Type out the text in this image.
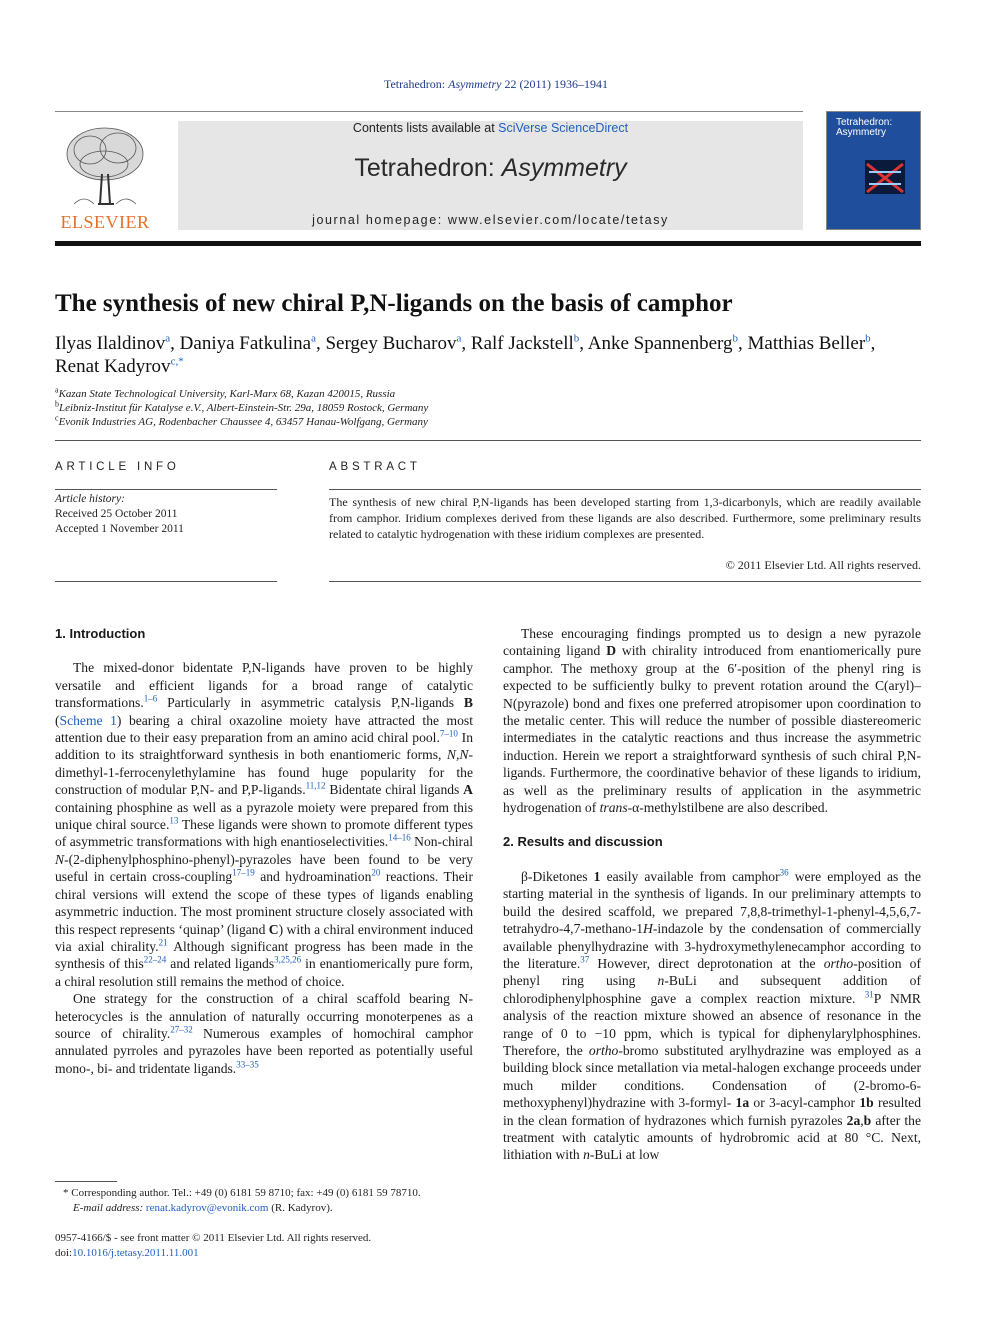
Tetrahedron: Asymmetry 22 (2011) 1936–1941
ELSEVIER
Contents lists available at SciVerse ScienceDirect
Tetrahedron: Asymmetry
journal homepage: www.elsevier.com/locate/tetasy
Tetrahedron: Asymmetry
The synthesis of new chiral P,N-ligands on the basis of camphor
Ilyas Ilaldinov$^a$, Daniya Fatkulina$^a$, Sergey Bucharov$^a$, Ralf Jackstell$^b$, Anke Spannenberg$^b$, Matthias Beller$^b$,
Renat Kadyrov$^{c,*}$
$^a$Kazan State Technological University, Karl-Marx 68, Kazan 420015, Russia
$^b$Leibniz-Institut für Katalyse e.V., Albert-Einstein-Str. 29a, 18059 Rostock, Germany
$^c$Evonik Industries AG, Rodenbacher Chaussee 4, 63457 Hanau-Wolfgang, Germany
ARTICLE INFO	ABSTRACT
Article history:
Received 25 October 2011
Accepted 1 November 2011
The synthesis of new chiral P,N-ligands has been developed starting from 1,3-dicarbonyls, which are readily available from camphor. Iridium complexes derived from these ligands are also described. Furthermore, some preliminary results related to catalytic hydrogenation with these iridium complexes are presented.
© 2011 Elsevier Ltd. All rights reserved.

1. Introduction

The mixed-donor bidentate P,N-ligands have proven to be highly versatile and efficient ligands for a broad range of catalytic transformations.$^{1-6}$ Particularly in asymmetric catalysis P,N-ligands B (Scheme 1) bearing a chiral oxazoline moiety have attracted the most attention due to their easy preparation from an amino acid chiral pool.$^{7-10}$ In addition to its straightforward synthesis in both enantiomeric forms, N,N-dimethyl-1-ferrocenylethylamine has found huge popularity for the construction of modular P,N- and P,P-ligands.$^{11,12}$ Bidentate chiral ligands A containing phosphine as well as a pyrazole moiety were prepared from this unique chiral source.$^{13}$ These ligands were shown to promote different types of asymmetric transformations with high enantioselectivities.$^{14-16}$ Non-chiral N-(2-diphenylphosphino-phenyl)-pyrazoles have been found to be very useful in certain cross-coupling$^{17-19}$ and hydroamination$^{20}$ reactions. Their chiral versions will extend the scope of these types of ligands enabling asymmetric induction. The most prominent structure closely associated with this respect represents ‘quinap’ (ligand C) with a chiral environment induced via axial chirality.$^{21}$ Although significant progress has been made in the synthesis of this$^{22-24}$ and related ligands$^{3,25,26}$ in enantiomerically pure form, a chiral resolution still remains the method of choice.

One strategy for the construction of a chiral scaffold bearing N-heterocycles is the annulation of naturally occurring monoterpenes as a source of chirality.$^{27-32}$ Numerous examples of homochiral camphor annulated pyrroles and pyrazoles have been reported as potentially useful mono-, bi- and tridentate ligands.$^{33-35}$

These encouraging findings prompted us to design a new pyrazole containing ligand D with chirality introduced from enantiomerically pure camphor. The methoxy group at the 6′-position of the phenyl ring is expected to be sufficiently bulky to prevent rotation around the C(aryl)–N(pyrazole) bond and fixes one preferred atropisomer upon coordination to the metalic center. This will reduce the number of possible diastereomeric intermediates in the catalytic reactions and thus increase the asymmetric induction. Herein we report a straightforward synthesis of such chiral P,N-ligands. Furthermore, the coordinative behavior of these ligands to iridium, as well as the preliminary results of application in the asymmetric hydrogenation of trans-α-methylstilbene are also described.

2. Results and discussion

β-Diketones 1 easily available from camphor$^{36}$ were employed as the starting material in the synthesis of ligands. In our preliminary attempts to build the desired scaffold, we prepared 7,8,8-trimethyl-1-phenyl-4,5,6,7-tetrahydro-4,7-methano-1H-indazole by the condensation of commercially available phenylhydrazine with 3-hydroxymethylenecamphor according to the literature.$^{37}$ However, direct deprotonation at the ortho-position of phenyl ring using n-BuLi and subsequent addition of chlorodiphenylphosphine gave a complex reaction mixture. $^{31}$P NMR analysis of the reaction mixture showed an absence of resonance in the range of 0 to −10 ppm, which is typical for diphenylarylphosphines. Therefore, the ortho-bromo substituted arylhydrazine was employed as a building block since metallation via metal-halogen exchange proceeds under much milder conditions. Condensation of (2-bromo-6-methoxyphenyl)hydrazine with 3-formyl- 1a or 3-acyl-camphor 1b resulted in the clean formation of hydrazones which furnish pyrazoles 2a,b after the treatment with catalytic amounts of hydrobromic acid at 80 °C. Next, lithiation with n-BuLi at low

* Corresponding author. Tel.: +49 (0) 6181 59 8710; fax: +49 (0) 6181 59 78710.
E-mail address: renat.kadyrov@evonik.com (R. Kadyrov).
0957-4166/$ - see front matter © 2011 Elsevier Ltd. All rights reserved.
doi:10.1016/j.tetasy.2011.11.001
